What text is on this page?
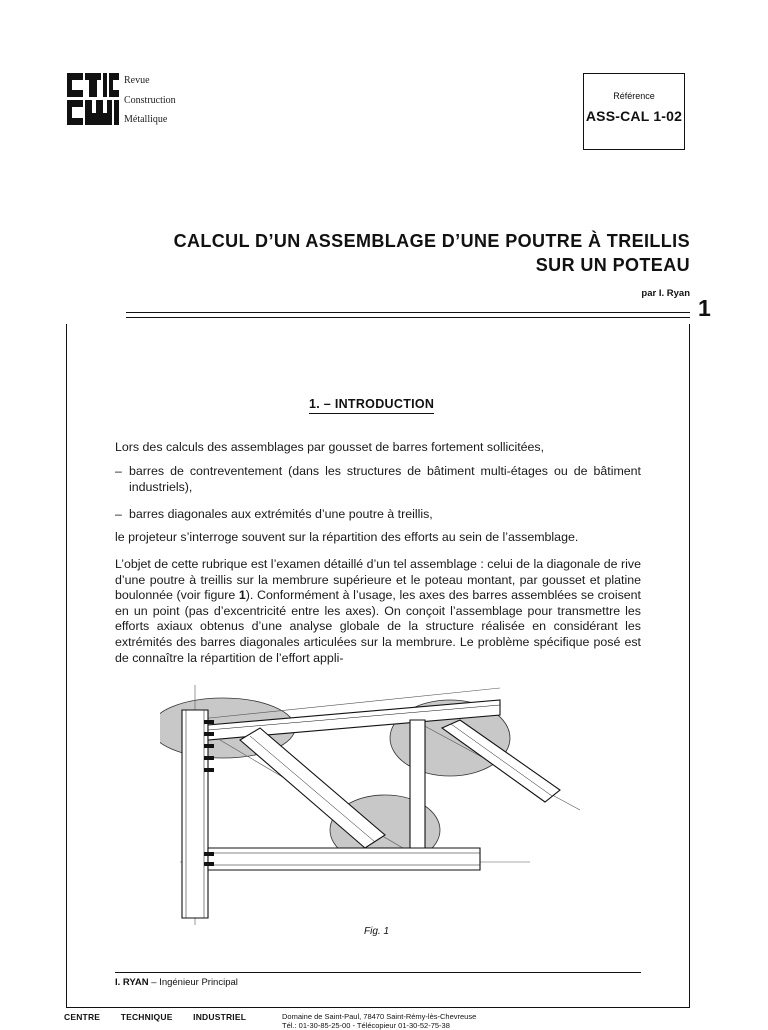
Revue
Construction
Métallique
Référence
ASS-CAL 1-02
CALCUL D’UN ASSEMBLAGE D’UNE POUTRE À TREILLIS
SUR UN POTEAU
par I. Ryan
1
1. – INTRODUCTION
Lors des calculs des assemblages par gousset de barres fortement sollicitées,
– barres de contreventement (dans les structures de bâtiment multi-étages ou de bâtiment industriels),
– barres diagonales aux extrémités d’une poutre à treillis,
le projeteur s’interroge souvent sur la répartition des efforts au sein de l’assemblage.
L’objet de cette rubrique est l’examen détaillé d’un tel assemblage : celui de la diagonale de rive d’une poutre à treillis sur la membrure supérieure et le poteau montant, par gousset et platine boulonnée (voir figure 1). Conformément à l’usage, les axes des barres assemblées se croisent en un point (pas d’excentricité entre les axes). On conçoit l’assemblage pour transmettre les efforts axiaux obtenus d’une analyse globale de la structure réalisée en considérant les extrémités des barres diagonales articulées sur la membrure. Le problème spécifique posé est de connaître la répartition de l’effort appli-
Fig. 1
I. RYAN – Ingénieur Principal
CENTRE TECHNIQUE INDUSTRIEL	Domaine de Saint-Paul, 78470 Saint-Rémy-lès-Chevreuse
Tél.: 01-30-85-25-00 - Télécopieur 01-30-52-75-38
